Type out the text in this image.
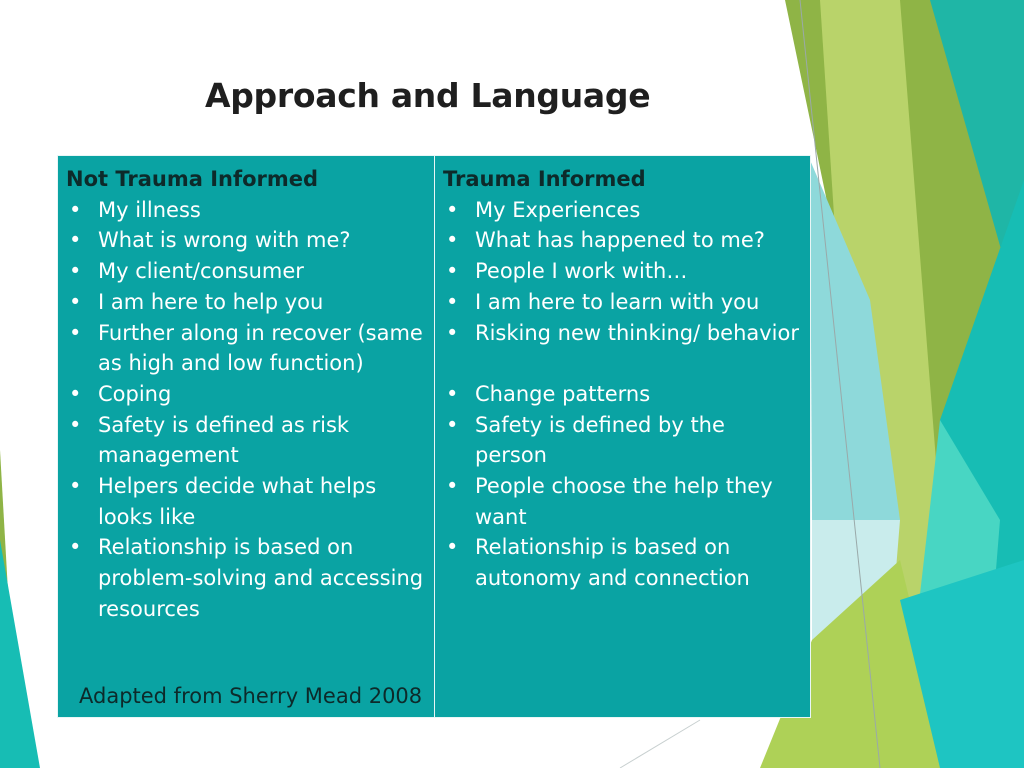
Approach and Language
Not Trauma Informed
• My illness
• What is wrong with me?
• My client/consumer
• I am here to help you
• Further along in recover (same as high and low function)
• Coping
• Safety is defined as risk management
• Helpers decide what helps looks like
• Relationship is based on problem-solving and accessing resources
Trauma Informed
• My Experiences
• What has happened to me?
• People I work with…
• I am here to learn with you
• Risking new thinking/ behavior
• Change patterns
• Safety is defined by the person
• People choose the help they want
• Relationship is based on autonomy and connection
Adapted from Sherry Mead 2008
